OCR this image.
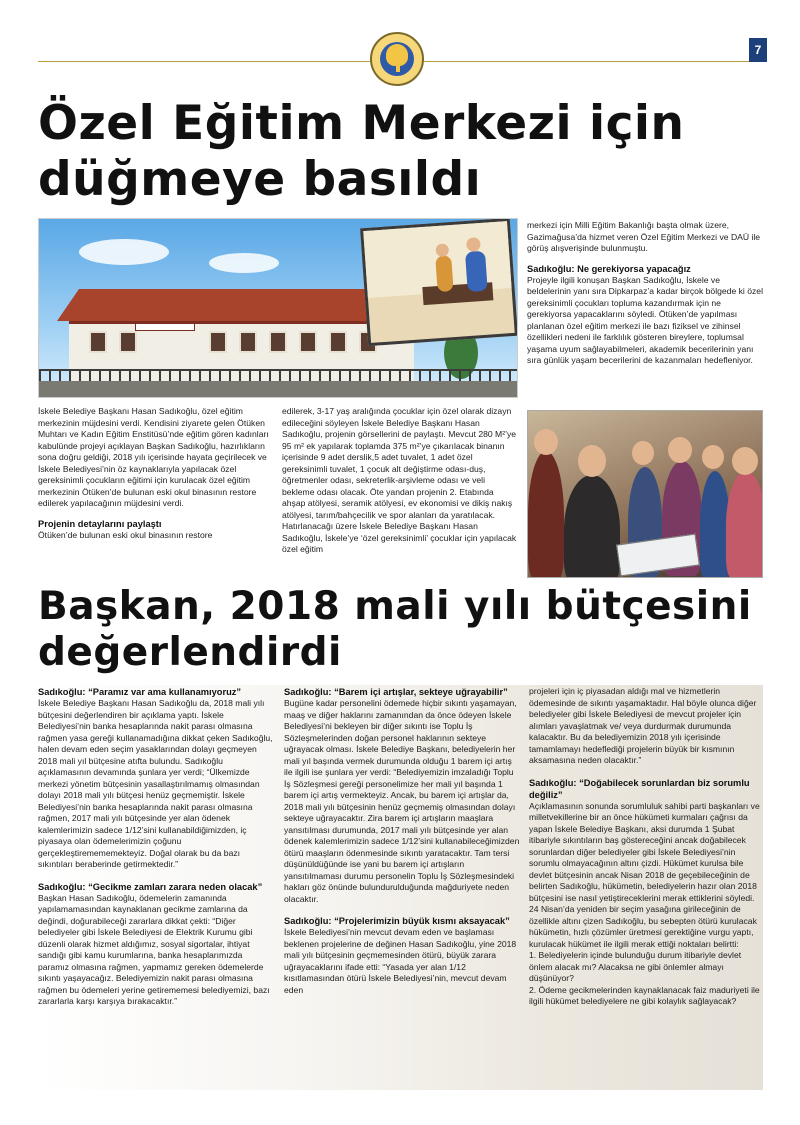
7
Özel Eğitim Merkezi için
düğmeye basıldı

İskele Belediye Başkanı Hasan Sadıkoğlu, özel eğitim merkezinin müjdesini verdi. Kendisini ziyarete gelen Ötüken Muhtarı ve Kadın Eğitim Enstitüsü’nde eğitim gören kadınları kabulünde projeyi açıklayan Başkan Sadıkoğlu, hazırlıkların sona doğru geldiği, 2018 yılı içerisinde hayata geçirilecek ve İskele Belediyesi’nin öz kaynaklarıyla yapılacak özel gereksinimli çocukların eğitimi için kurulacak özel eğitim merkezinin Ötüken’de bulunan eski okul binasının restore edilerek yapılacağının müjdesini verdi.

Projenin detaylarını paylaştı

Ötüken’de bulunan eski okul binasının restore

edilerek, 3-17 yaş aralığında çocuklar için özel olarak dizayn edileceğini söyleyen İskele Belediye Başkanı Hasan Sadıkoğlu, projenin görsellerini de paylaştı. Mevcut 280 M²’ye 95 m² ek yapılarak toplamda 375 m²’ye çıkarılacak binanın içerisinde 9 adet derslik,5 adet tuvalet, 1 adet özel gereksinimli tuvalet, 1 çocuk alt değiştirme odası-duş, öğretmenler odası, sekreterlik-arşivleme odası ve veli bekleme odası olacak. Öte yandan projenin 2. Etabında ahşap atölyesi, seramik atölyesi, ev ekonomisi ve dikiş nakış atölyesi, tarım/bahçecilik ve spor alanları da yaratılacak. Hatırlanacağı üzere İskele Belediye Başkanı Hasan Sadıkoğlu, İskele’ye ‘özel gereksinimli’ çocuklar için yapılacak özel eğitim

merkezi için Milli Eğitim Bakanlığı başta olmak üzere, Gazimağusa’da hizmet veren Özel Eğitim Merkezi ve DAÜ ile görüş alışverişinde bulunmuştu.

Sadıkoğlu: Ne gerekiyorsa yapacağız

Projeyle ilgili konuşan Başkan Sadıkoğlu, İskele ve beldelerinin yanı sıra Dipkarpaz’a kadar birçok bölgede ki özel gereksinimli çocukları topluma kazandırmak için ne gerekiyorsa yapacaklarını söyledi. Ötüken’de yapılması planlanan özel eğitim merkezi ile bazı fiziksel ve zihinsel özellikleri nedeni ile farklılık gösteren bireylere, toplumsal yaşama uyum sağlayabilmeleri, akademik becerilerinin yanı sıra günlük yaşam becerilerini de kazanmaları hedefleniyor.

Başkan, 2018 mali yılı bütçesini
değerlendirdi

Sadıkoğlu: “Paramız var ama kullanamıyoruz”

İskele Belediye Başkanı Hasan Sadıkoğlu da, 2018 mali yılı bütçesini değerlendiren bir açıklama yaptı. İskele Belediyesi’nin banka hesaplarında nakit parası olmasına rağmen yasa gereği kullanamadığına dikkat çeken Sadıkoğlu, halen devam eden seçim yasaklarından dolayı geçmeyen 2018 mali yıl bütçesine atıfta bulundu. Sadıkoğlu açıklamasının devamında şunlara yer verdi; “Ülkemizde merkezi yönetim bütçesinin yasallaştırılmamış olmasından dolayı 2018 mali yılı bütçesi henüz geçmemiştir. İskele Belediyesi’nin banka hesaplarında nakit parası olmasına rağmen, 2017 mali yılı bütçesinde yer alan ödenek kalemlerimizin sadece 1/12’sini kullanabildiğimizden, iç piyasaya olan ödemelerimizin çoğunu gerçekleştiremememekteyiz. Doğal olarak bu da bazı sıkıntıları beraberinde getirmektedir.”

Sadıkoğlu: “Gecikme zamları zarara neden olacak”

Başkan Hasan Sadıkoğlu, ödemelerin zamanında yapılamamasından kaynaklanan gecikme zamlarına da değindi, doğurabileceği zararlara dikkat çekti: “Diğer belediyeler gibi İskele Belediyesi de Elektrik Kurumu gibi düzenli olarak hizmet aldığımız, sosyal sigortalar, ihtiyat sandığı gibi kamu kurumlarına, banka hesaplarımızda paramız olmasına rağmen, yapmamız gereken ödemelerde sıkıntı yaşayacağız. Belediyemizin nakit parası olmasına rağmen bu ödemeleri yerine getirememesi belediyemizi, bazı zararlarla karşı karşıya bırakacaktır.”

Sadıkoğlu: “Barem içi artışlar, sekteye uğrayabilir”

Bugüne kadar personelini ödemede hiçbir sıkıntı yaşamayan, maaş ve diğer haklarını zamanından da önce ödeyen İskele Belediyesi’ni bekleyen bir diğer sıkıntı ise Toplu İş Sözleşmelerinden doğan personel haklarının sekteye uğrayacak olması. İskele Belediye Başkanı, belediyelerin her mali yıl başında vermek durumunda olduğu 1 barem içi artış ile ilgili ise şunlara yer verdi: “Belediyemizin imzaladığı Toplu İş Sözleşmesi gereği personelimize her mali yıl başında 1 barem içi artış vermekteyiz. Ancak, bu barem içi artışlar da, 2018 mali yılı bütçesinin henüz geçmemiş olmasından dolayı sekteye uğrayacaktır. Zira barem içi artışların maaşlara yansıtılması durumunda, 2017 mali yılı bütçesinde yer alan ödenek kalemlerimizin sadece 1/12’sini kullanabileceğimizden ötürü maaşların ödenmesinde sıkıntı yaratacaktır. Tam tersi düşünüldüğünde ise yani bu barem içi artışların yansıtılmaması durumu personelin Toplu İş Sözleşmesindeki hakları göz önünde bulundurulduğunda mağduriyete neden olacaktır.

Sadıkoğlu: “Projelerimizin büyük kısmı aksayacak”

İskele Belediyesi’nin mevcut devam eden ve başlaması beklenen projelerine de değinen Hasan Sadıkoğlu, yine 2018 mali yılı bütçesinin geçmemesinden ötürü, büyük zarara uğrayacaklarını ifade etti: “Yasada yer alan 1/12 kısıtlamasından ötürü İskele Belediyesi’nin, mevcut devam eden

projeleri için iç piyasadan aldığı mal ve hizmetlerin ödemesinde de sıkıntı yaşamaktadır. Hal böyle olunca diğer belediyeler gibi İskele Belediyesi de mevcut projeler için alımları yavaşlatmak ve/ veya durdurmak durumunda kalacaktır. Bu da belediyemizin 2018 yılı içerisinde tamamlamayı hedeflediği projelerin büyük bir kısmının aksamasına neden olacaktır.”

Sadıkoğlu: “Doğabilecek sorunlardan biz sorumlu değiliz”

Açıklamasının sonunda sorumluluk sahibi parti başkanları ve milletvekillerine bir an önce hükümeti kurmaları çağrısı da yapan İskele Belediye Başkanı, aksi durumda 1 Şubat itibariyle sıkıntıların baş göstereceğini ancak doğabilecek sorunlardan diğer belediyeler gibi İskele Belediyesi’nin sorumlu olmayacağının altını çizdi. Hükümet kurulsa bile devlet bütçesinin ancak Nisan 2018 de geçebileceğinin de belirten Sadıkoğlu, hükümetin, belediyelerin hazır olan 2018 bütçesini ise nasıl yetiştireceklerini merak ettiklerini söyledi. 24 Nisan’da yeniden bir seçim yasağına girileceğinin de özellikle altını çizen Sadıkoğlu, bu sebepten ötürü kurulacak hükümetin, hızlı çözümler üretmesi gerektiğine vurgu yaptı, kurulacak hükümet ile ilgili merak ettiği noktaları belirtti:

1. Belediyelerin içinde bulunduğu durum itibariyle devlet önlem alacak mı? Alacaksa ne gibi önlemler almayı düşünüyor?

2. Ödeme gecikmelerinden kaynaklanacak faiz maduriyeti ile ilgili hükümet belediyelere ne gibi kolaylık sağlayacak?
